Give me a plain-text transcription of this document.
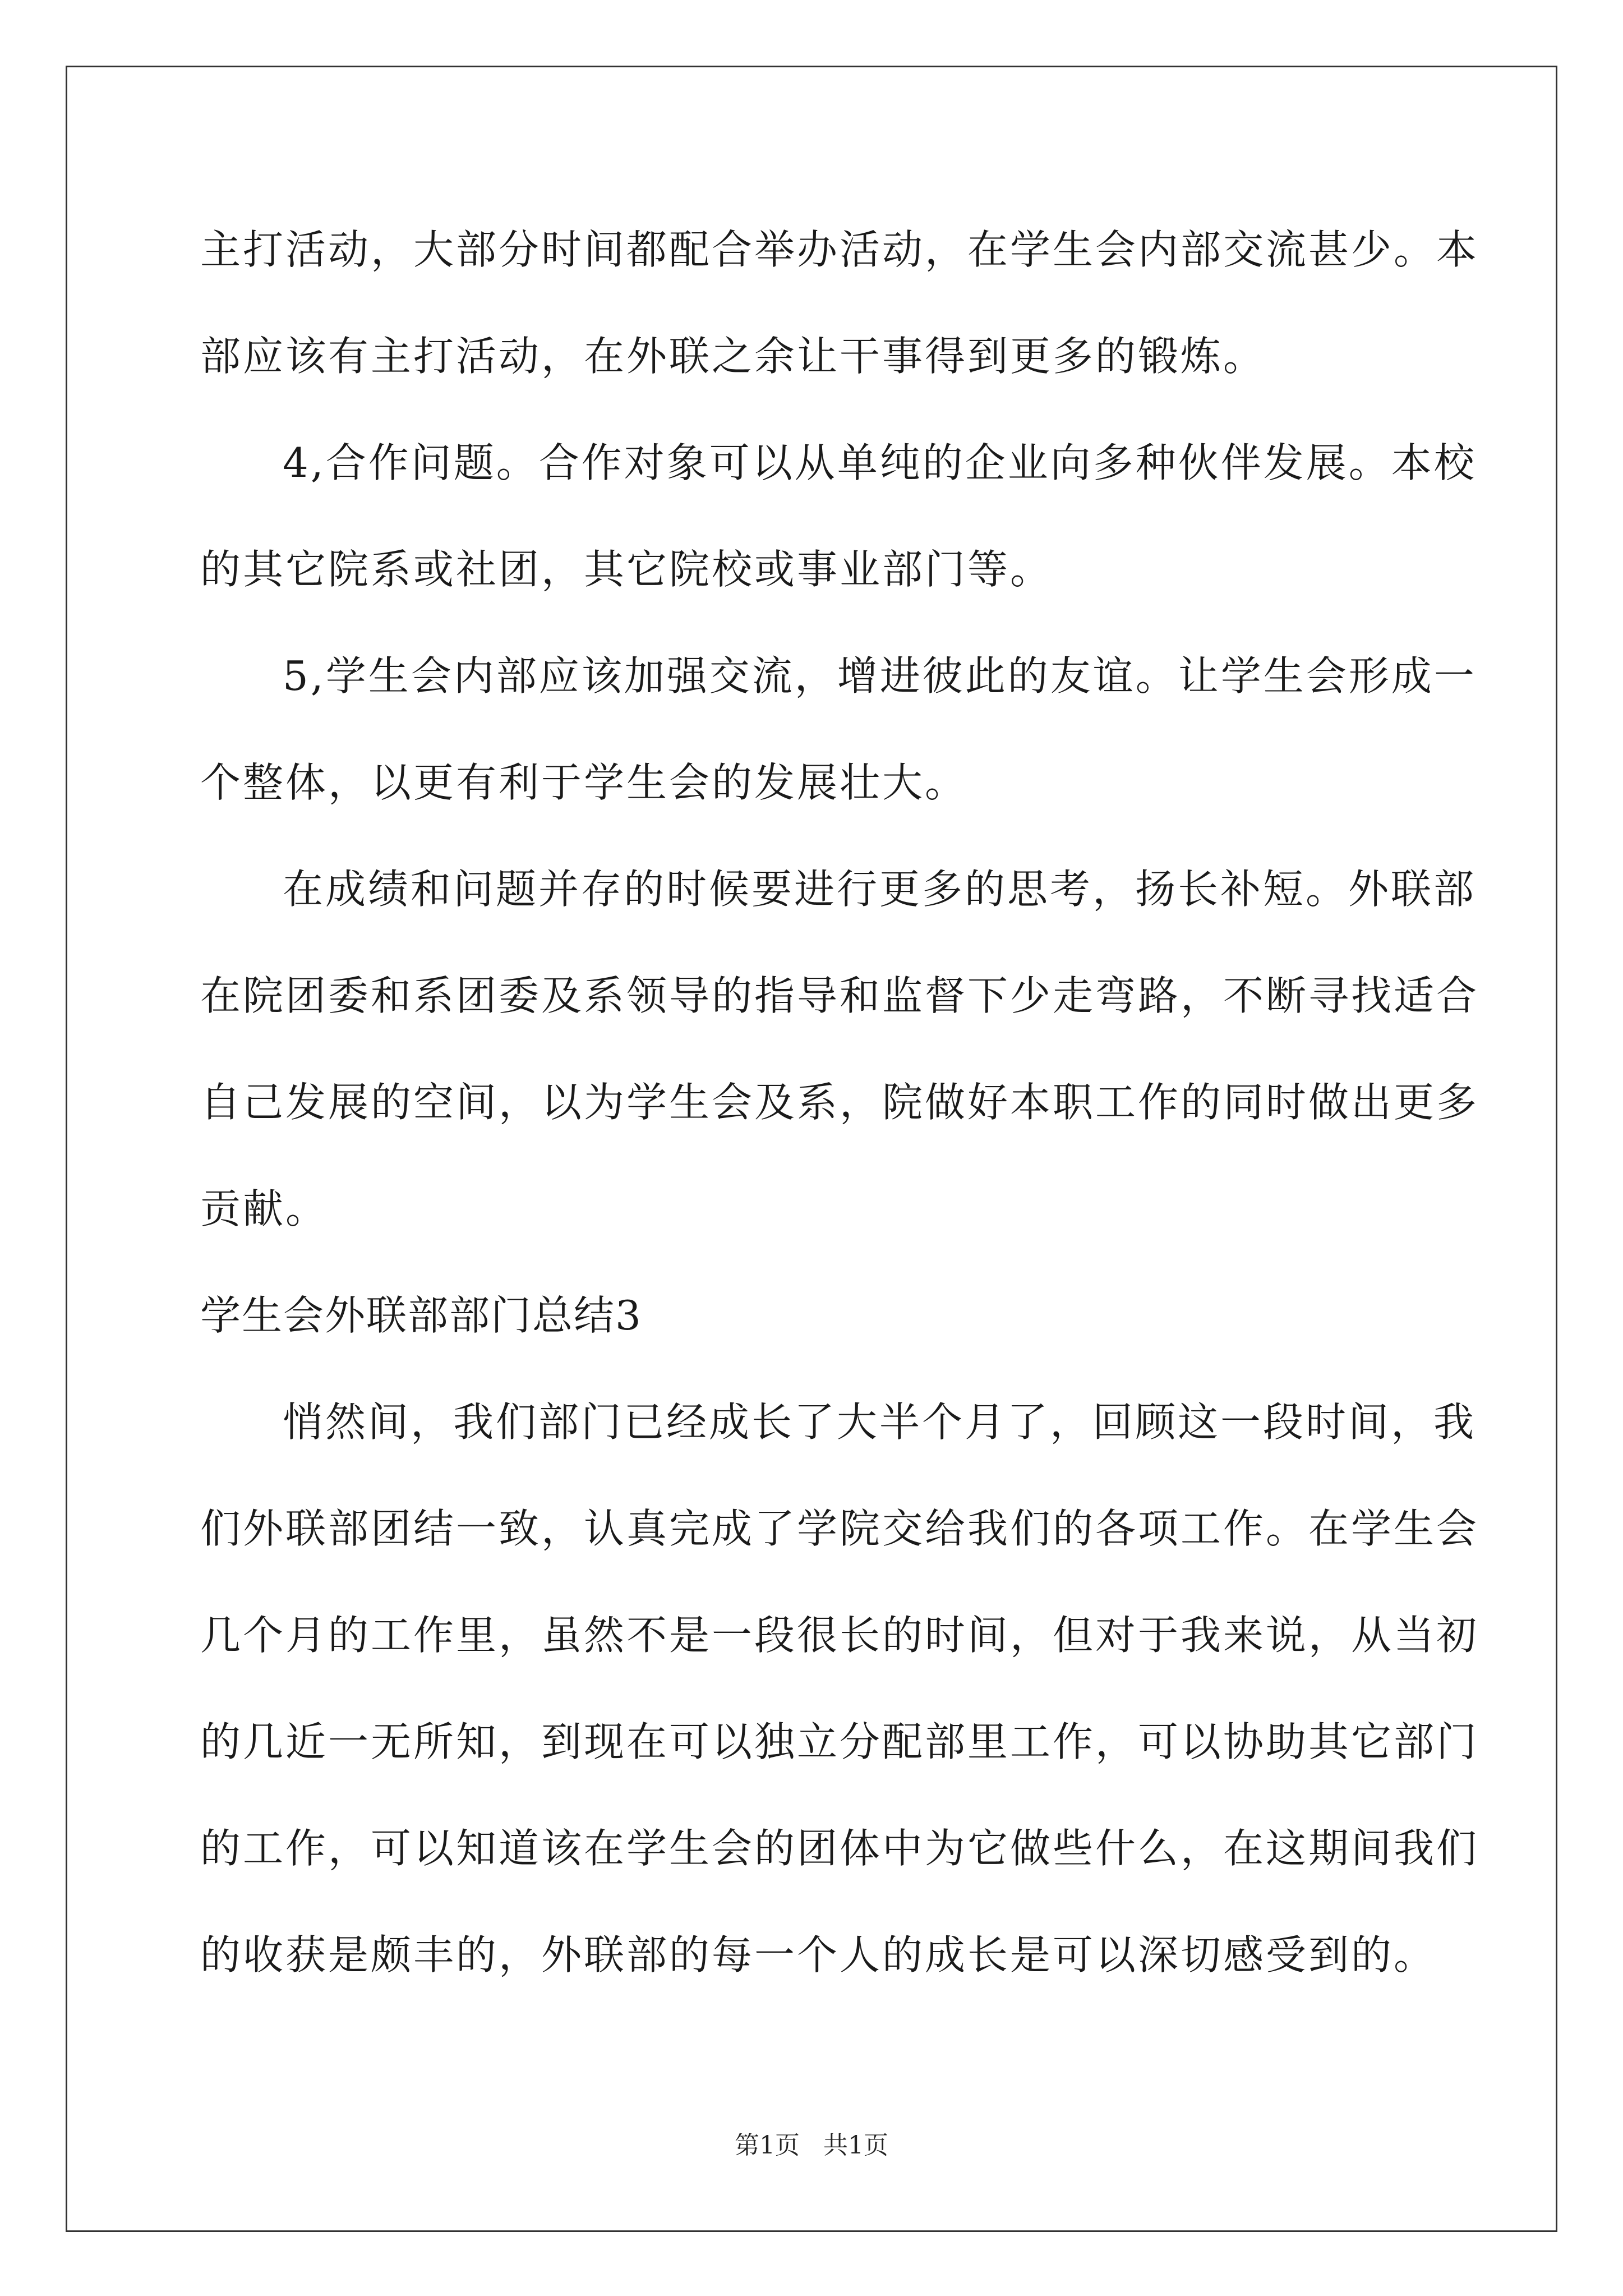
主打活动，大部分时间都配合举办活动，在学生会内部交流甚少。本
部应该有主打活动，在外联之余让干事得到更多的锻炼。
4,合作问题。合作对象可以从单纯的企业向多种伙伴发展。本校
的其它院系或社团，其它院校或事业部门等。
5,学生会内部应该加强交流，增进彼此的友谊。让学生会形成一
个整体，以更有利于学生会的发展壮大。
在成绩和问题并存的时候要进行更多的思考，扬长补短。外联部
在院团委和系团委及系领导的指导和监督下少走弯路，不断寻找适合
自己发展的空间，以为学生会及系，院做好本职工作的同时做出更多
贡献。
学生会外联部部门总结3
悄然间，我们部门已经成长了大半个月了，回顾这一段时间，我
们外联部团结一致，认真完成了学院交给我们的各项工作。在学生会
几个月的工作里，虽然不是一段很长的时间，但对于我来说，从当初
的几近一无所知，到现在可以独立分配部里工作，可以协助其它部门
的工作，可以知道该在学生会的团体中为它做些什么，在这期间我们
的收获是颇丰的，外联部的每一个人的成长是可以深切感受到的。
第1页   共1页
